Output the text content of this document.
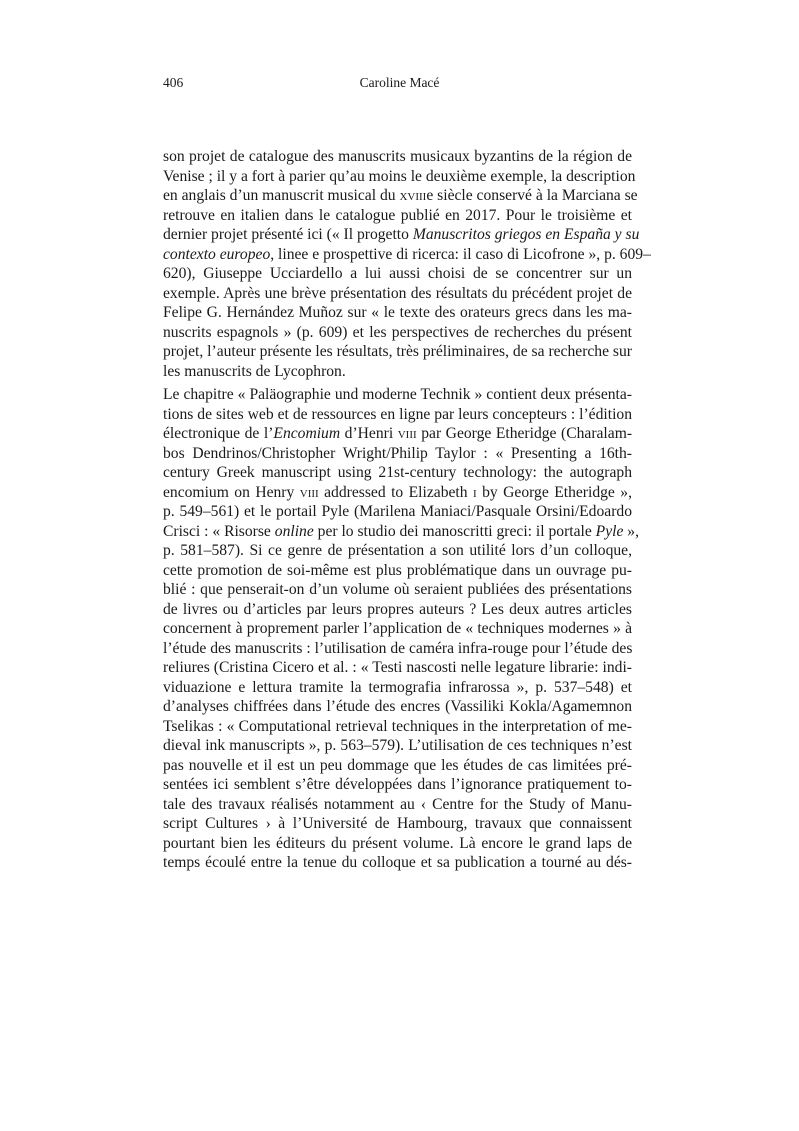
406	Caroline Macé
son projet de catalogue des manuscrits musicaux byzantins de la région de
Venise ; il y a fort à parier qu’au moins le deuxième exemple, la description
en anglais d’un manuscrit musical du xviiie siècle conservé à la Marciana se
retrouve en italien dans le catalogue publié en 2017. Pour le troisième et
dernier projet présenté ici (« Il progetto Manuscritos griegos en España y su
contexto europeo, linee e prospettive di ricerca: il caso di Licofrone », p. 609–
620), Giuseppe Ucciardello a lui aussi choisi de se concentrer sur un
exemple. Après une brève présentation des résultats du précédent projet de
Felipe G. Hernández Muñoz sur « le texte des orateurs grecs dans les ma-
nuscrits espagnols » (p. 609) et les perspectives de recherches du présent
projet, l’auteur présente les résultats, très préliminaires, de sa recherche sur
les manuscrits de Lycophron.
Le chapitre « Paläographie und moderne Technik » contient deux présenta-
tions de sites web et de ressources en ligne par leurs concepteurs : l’édition
électronique de l’Encomium d’Henri viii par George Etheridge (Charalam-
bos Dendrinos/Christopher Wright/Philip Taylor : « Presenting a 16th-
century Greek manuscript using 21st-century technology: the autograph
encomium on Henry viii addressed to Elizabeth i by George Etheridge »,
p. 549–561) et le portail Pyle (Marilena Maniaci/Pasquale Orsini/Edoardo
Crisci : « Risorse online per lo studio dei manoscritti greci: il portale Pyle »,
p. 581–587). Si ce genre de présentation a son utilité lors d’un colloque,
cette promotion de soi-même est plus problématique dans un ouvrage pu-
blié : que penserait-on d’un volume où seraient publiées des présentations
de livres ou d’articles par leurs propres auteurs ? Les deux autres articles
concernent à proprement parler l’application de « techniques modernes » à
l’étude des manuscrits : l’utilisation de caméra infra-rouge pour l’étude des
reliures (Cristina Cicero et al. : « Testi nascosti nelle legature librarie: indi-
viduazione e lettura tramite la termografia infrarossa », p. 537–548) et
d’analyses chiffrées dans l’étude des encres (Vassiliki Kokla/Agamemnon
Tselikas : « Computational retrieval techniques in the interpretation of me-
dieval ink manuscripts », p. 563–579). L’utilisation de ces techniques n’est
pas nouvelle et il est un peu dommage que les études de cas limitées pré-
sentées ici semblent s’être développées dans l’ignorance pratiquement to-
tale des travaux réalisés notamment au ‹ Centre for the Study of Manu-
script Cultures › à l’Université de Hambourg, travaux que connaissent
pourtant bien les éditeurs du présent volume. Là encore le grand laps de
temps écoulé entre la tenue du colloque et sa publication a tourné au dés-
